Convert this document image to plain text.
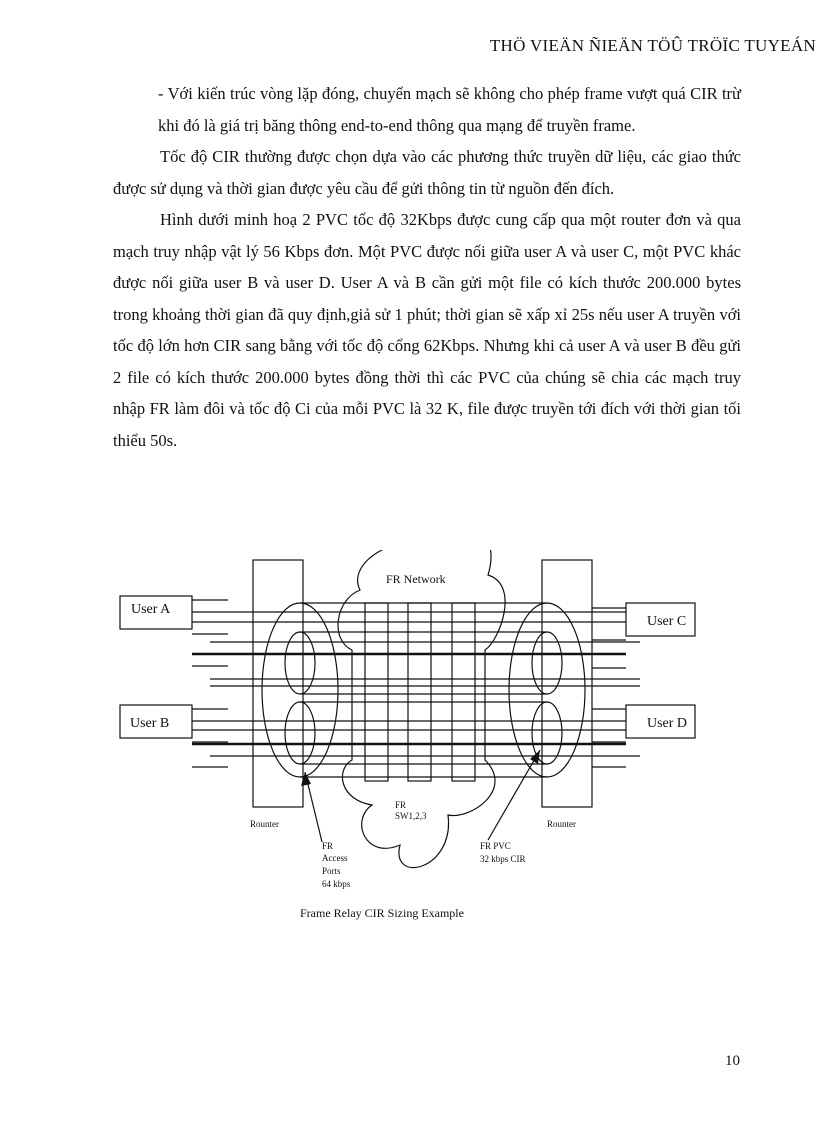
THÖ VIEÄN ÑIEÄN TÖÛ TRÖÏC TUYEÁN

- Với kiến trúc vòng lặp đóng, chuyển mạch sẽ không cho phép frame vượt quá CIR trừ khi đó là giá trị băng thông end-to-end thông qua mạng để truyền frame.

Tốc độ CIR thường được chọn dựa vào các phương thức truyền dữ liệu, các giao thức được sử dụng và thời gian được yêu cầu để gửi thông tin từ nguồn đến đích.

Hình dưới minh hoạ 2 PVC tốc độ 32Kbps được cung cấp qua một router đơn và qua mạch truy nhập vật lý 56 Kbps đơn. Một PVC được nối giữa user A và user C, một PVC khác được nối giữa user B và user D. User A và B cần gửi một file có kích thước 200.000 bytes trong khoảng thời gian đã quy định,giả sử 1 phút; thời gian sẽ xấp xỉ 25s nếu user A truyền với tốc độ lớn hơn CIR sang bằng với tốc độ cổng 62Kbps. Nhưng khi cả user A và user B đều gửi 2 file có kích thước 200.000 bytes đồng thời thì các PVC của chúng sẽ chia các mạch truy nhập FR làm đôi và tốc độ Ci của mỗi PVC là 32 K, file được truyền tới đích với thời gian tối thiểu 50s.

User A
User B
User C
User D
FR Network
Rounter	Rounter
FR
SW1,2,3
FR
Access
Ports
64 kbps
FR PVC
32 kbps CIR
Frame Relay CIR Sizing Example
10
